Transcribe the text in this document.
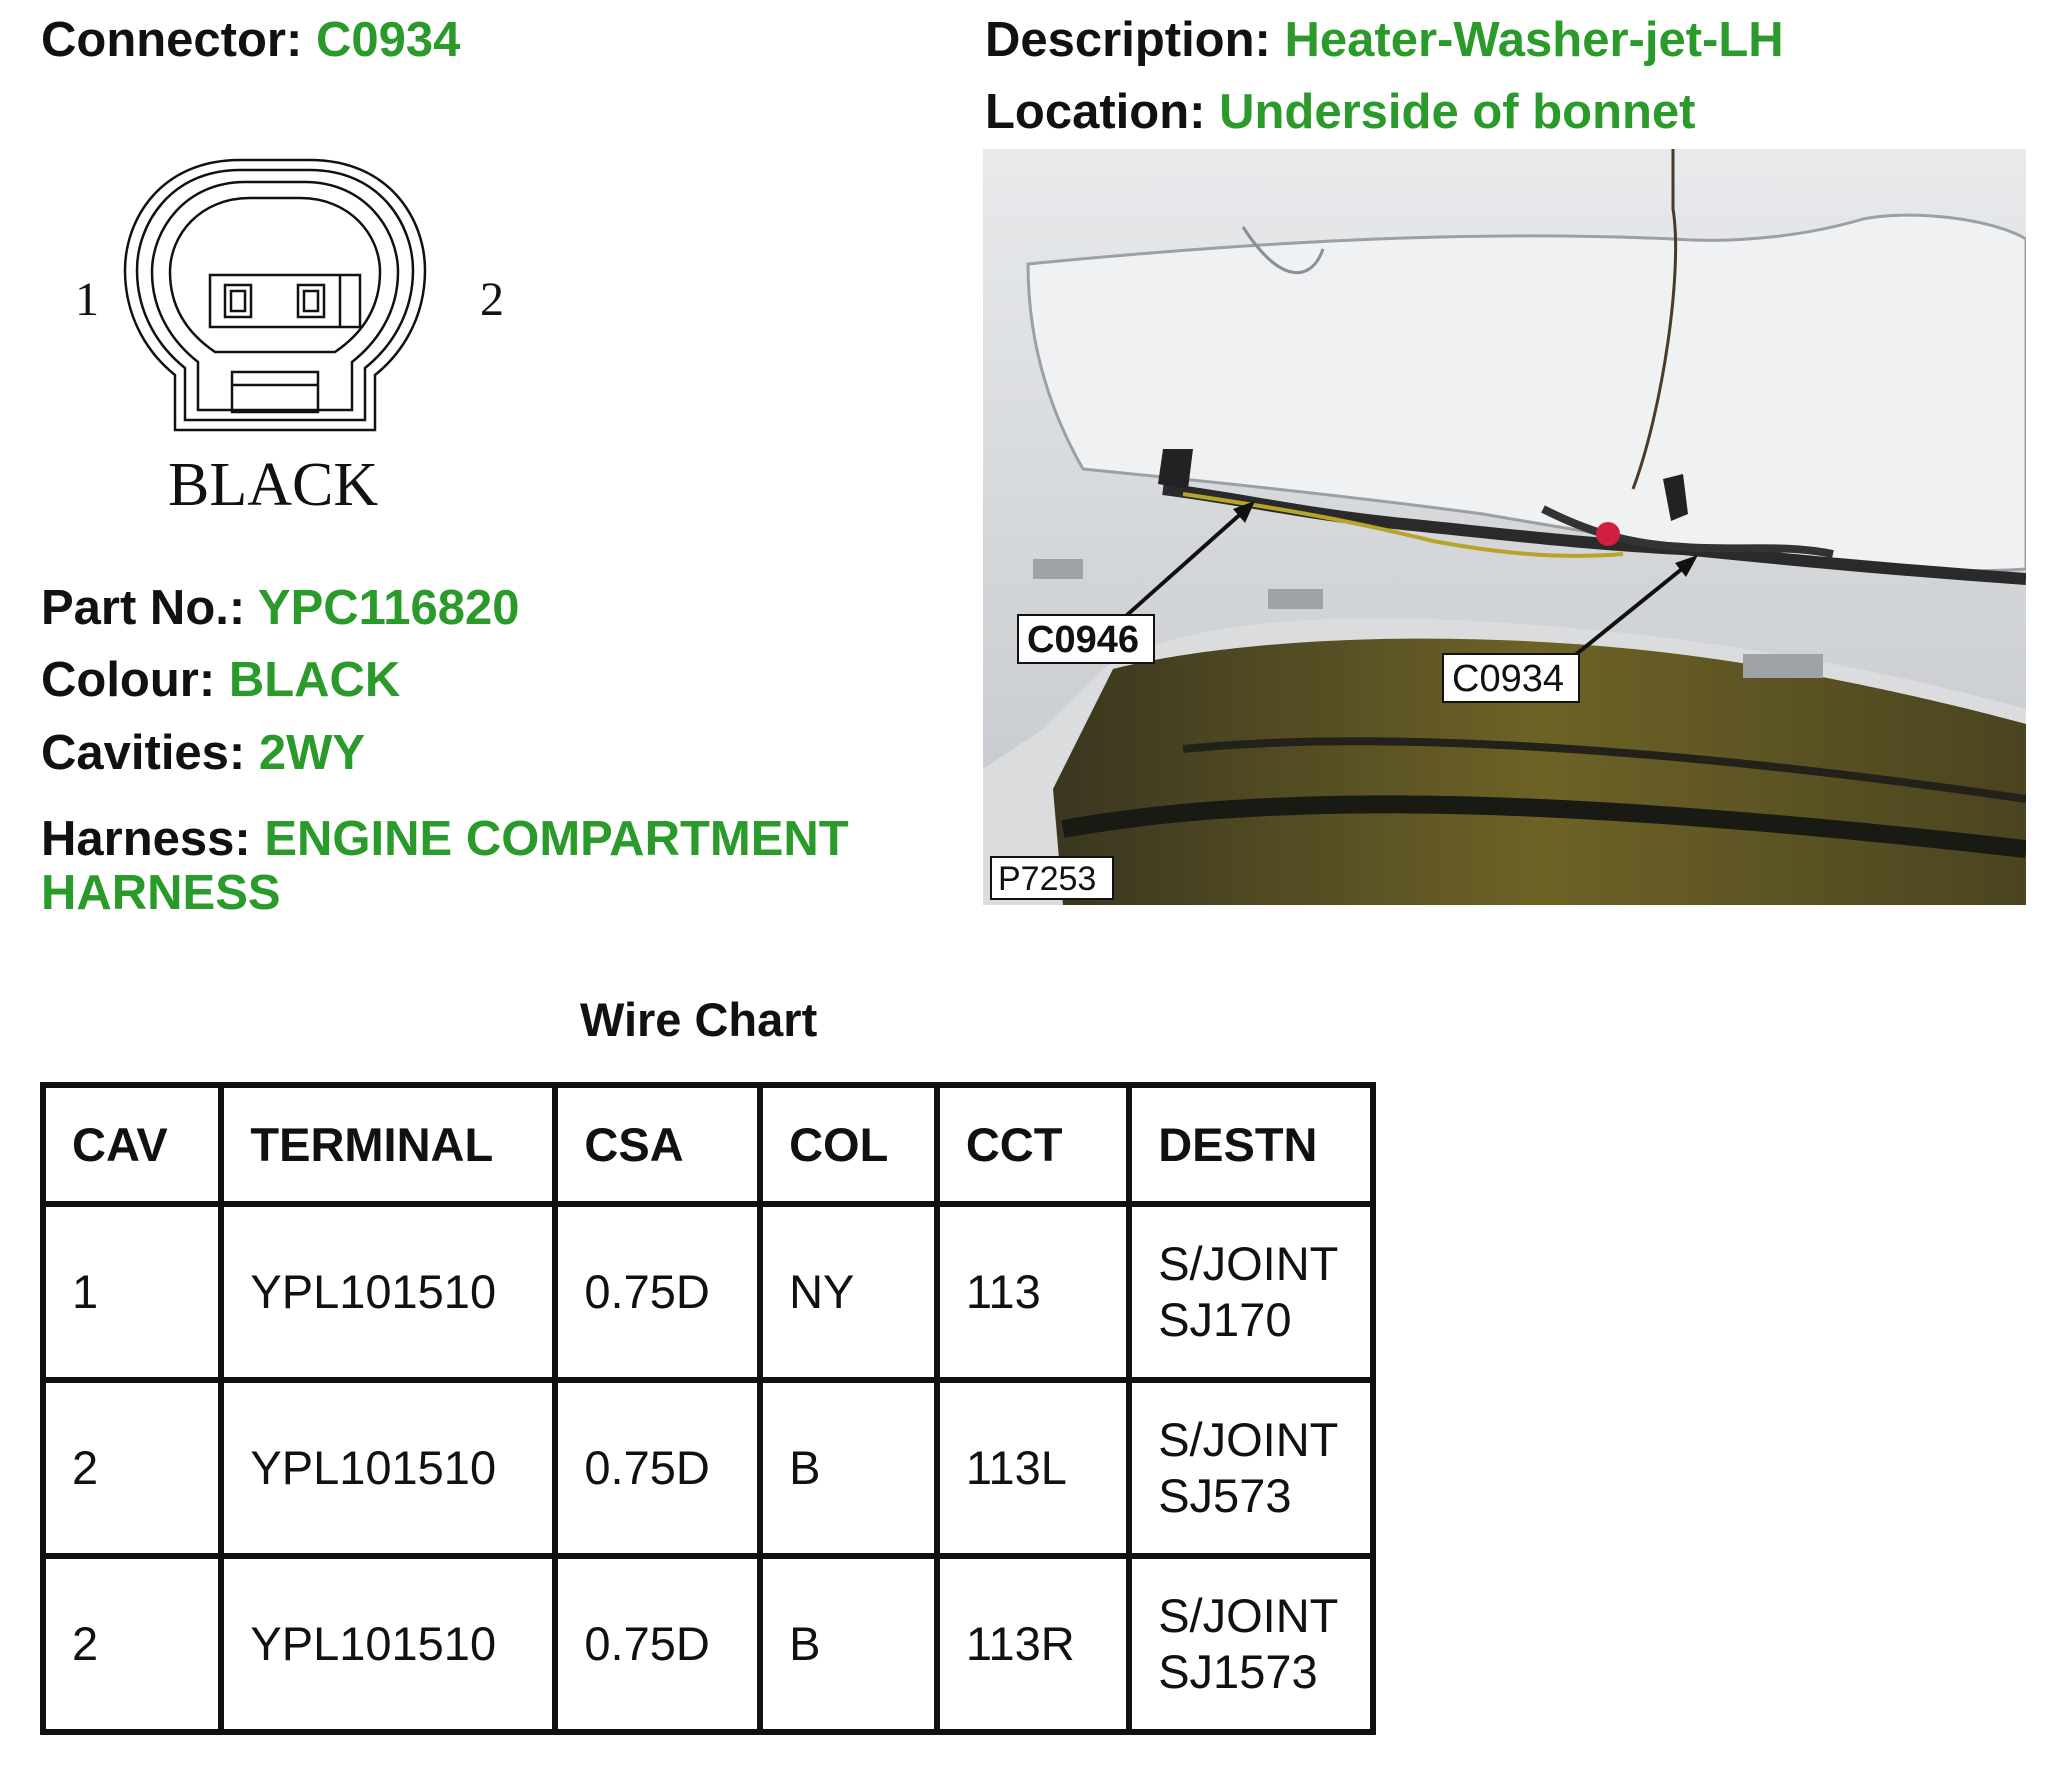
Connector: C0934	Description: Heater-Washer-jet-LH
Location: Underside of bonnet
1	2
BLACK
Part No.: YPC116820
Colour: BLACK
Cavities: 2WY
Harness: ENGINE COMPARTMENT HARNESS
C0946
C0934
P7253
Wire Chart
CAV	TERMINAL	CSA	COL	CCT	DESTN
1	YPL101510	0.75D	NY	113	S/JOINT
SJ170

2	YPL101510	0.75D	B	113L	S/JOINT
SJ573

2	YPL101510	0.75D	B	113R	S/JOINT
SJ1573
